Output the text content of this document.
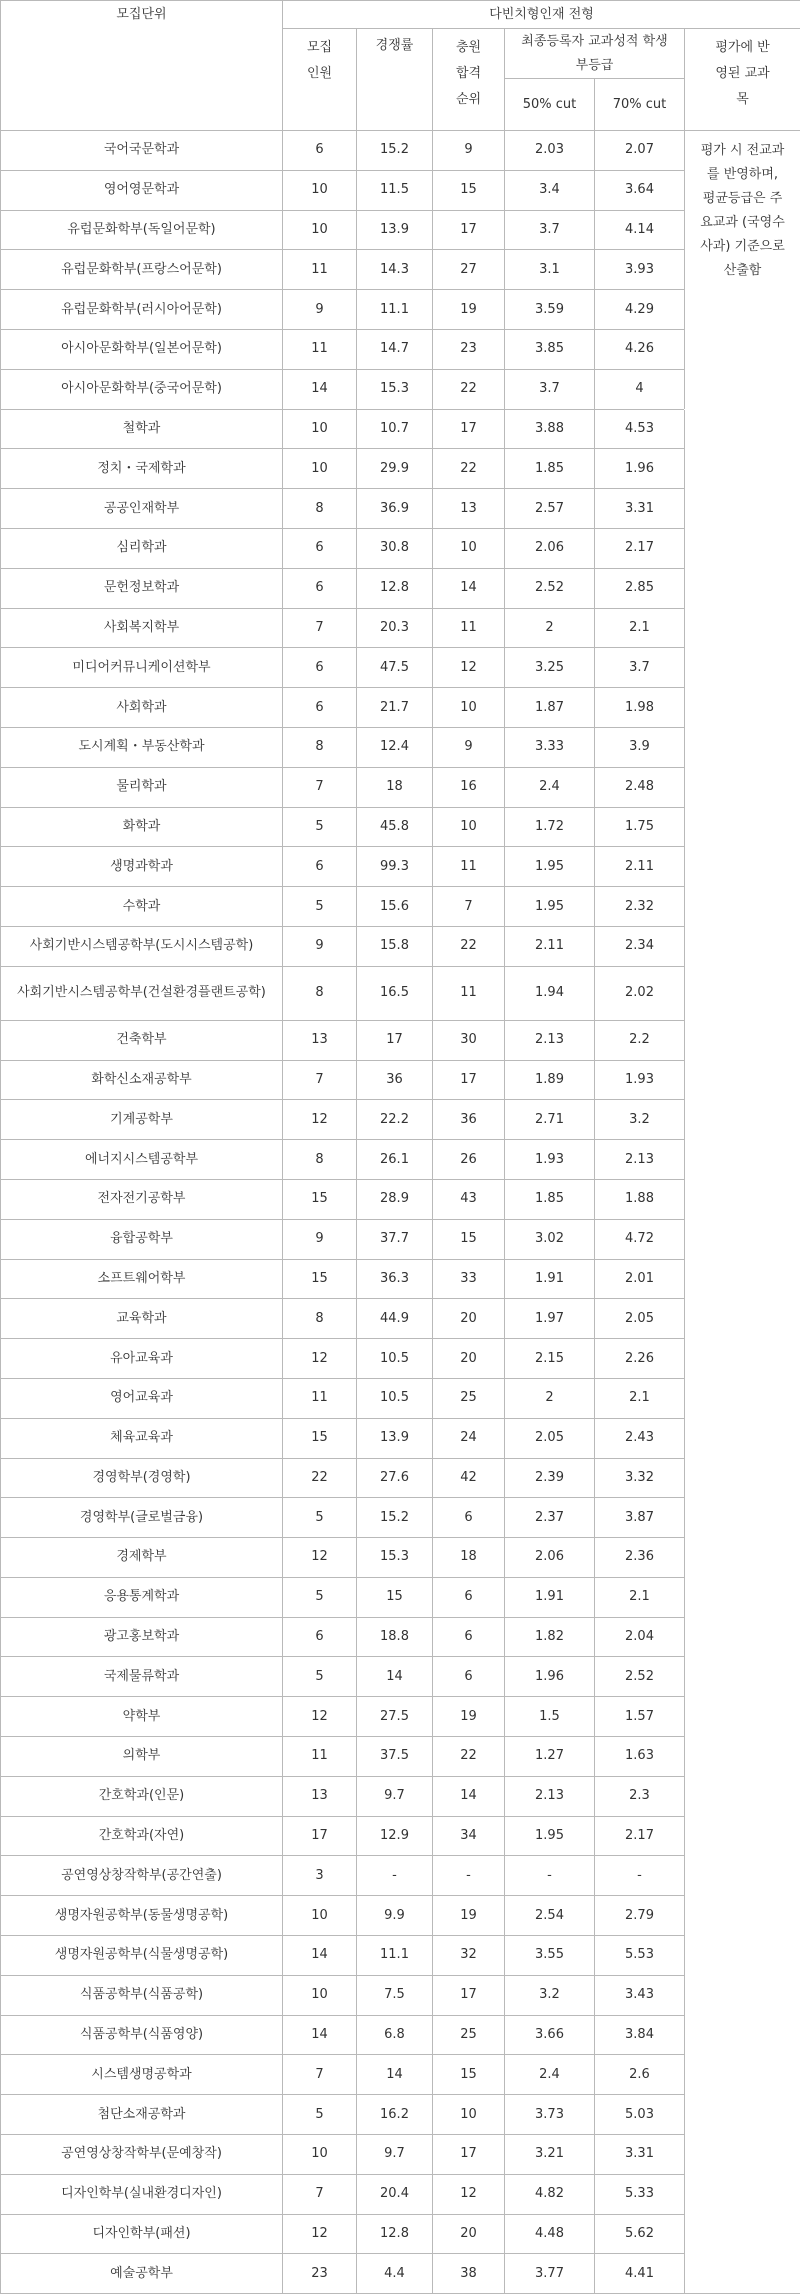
모집단위	다빈치형인재 전형					
	모집 인원	경쟁률	충원 합격 순위	최종등록자 교과성적 학생부등급		평가에 반영된 교과목
				50% cut	70% cut	
국어국문학과	6	15.2	9	2.03	2.07	평가 시 전교과를 반영하며, 평균등급은 주요교과 (국영수사과) 기준으로 산출함
영어영문학과	10	11.5	15	3.4	3.64	
유럽문화학부(독일어문학)	10	13.9	17	3.7	4.14	
유럽문화학부(프랑스어문학)	11	14.3	27	3.1	3.93	
유럽문화학부(러시아어문학)	9	11.1	19	3.59	4.29	
아시아문화학부(일본어문학)	11	14.7	23	3.85	4.26	
아시아문화학부(중국어문학)	14	15.3	22	3.7	4	
철학과	10	10.7	17	3.88	4.53	
정치・국제학과	10	29.9	22	1.85	1.96	
공공인재학부	8	36.9	13	2.57	3.31	
심리학과	6	30.8	10	2.06	2.17	
문헌정보학과	6	12.8	14	2.52	2.85	
사회복지학부	7	20.3	11	2	2.1	
미디어커뮤니케이션학부	6	47.5	12	3.25	3.7	
사회학과	6	21.7	10	1.87	1.98	
도시계획・부동산학과	8	12.4	9	3.33	3.9	
물리학과	7	18	16	2.4	2.48	
화학과	5	45.8	10	1.72	1.75	
생명과학과	6	99.3	11	1.95	2.11	
수학과	5	15.6	7	1.95	2.32	
사회기반시스템공학부(도시시스템공학)	9	15.8	22	2.11	2.34	
사회기반시스템공학부(건설환경플랜트공학)	8	16.5	11	1.94	2.02	
건축학부	13	17	30	2.13	2.2	
화학신소재공학부	7	36	17	1.89	1.93	
기계공학부	12	22.2	36	2.71	3.2	
에너지시스템공학부	8	26.1	26	1.93	2.13	
전자전기공학부	15	28.9	43	1.85	1.88	
융합공학부	9	37.7	15	3.02	4.72	
소프트웨어학부	15	36.3	33	1.91	2.01	
교육학과	8	44.9	20	1.97	2.05	
유아교육과	12	10.5	20	2.15	2.26	
영어교육과	11	10.5	25	2	2.1	
체육교육과	15	13.9	24	2.05	2.43	
경영학부(경영학)	22	27.6	42	2.39	3.32	
경영학부(글로벌금융)	5	15.2	6	2.37	3.87	
경제학부	12	15.3	18	2.06	2.36	
응용통계학과	5	15	6	1.91	2.1	
광고홍보학과	6	18.8	6	1.82	2.04	
국제물류학과	5	14	6	1.96	2.52	
약학부	12	27.5	19	1.5	1.57	
의학부	11	37.5	22	1.27	1.63	
간호학과(인문)	13	9.7	14	2.13	2.3	
간호학과(자연)	17	12.9	34	1.95	2.17	
공연영상창작학부(공간연출)	3	-	-	-	-	
생명자원공학부(동물생명공학)	10	9.9	19	2.54	2.79	
생명자원공학부(식물생명공학)	14	11.1	32	3.55	5.53	
식품공학부(식품공학)	10	7.5	17	3.2	3.43	
식품공학부(식품영양)	14	6.8	25	3.66	3.84	
시스템생명공학과	7	14	15	2.4	2.6	
첨단소재공학과	5	16.2	10	3.73	5.03	
공연영상창작학부(문예창작)	10	9.7	17	3.21	3.31	
디자인학부(실내환경디자인)	7	20.4	12	4.82	5.33	
디자인학부(패션)	12	12.8	20	4.48	5.62	
예술공학부	23	4.4	38	3.77	4.41	
